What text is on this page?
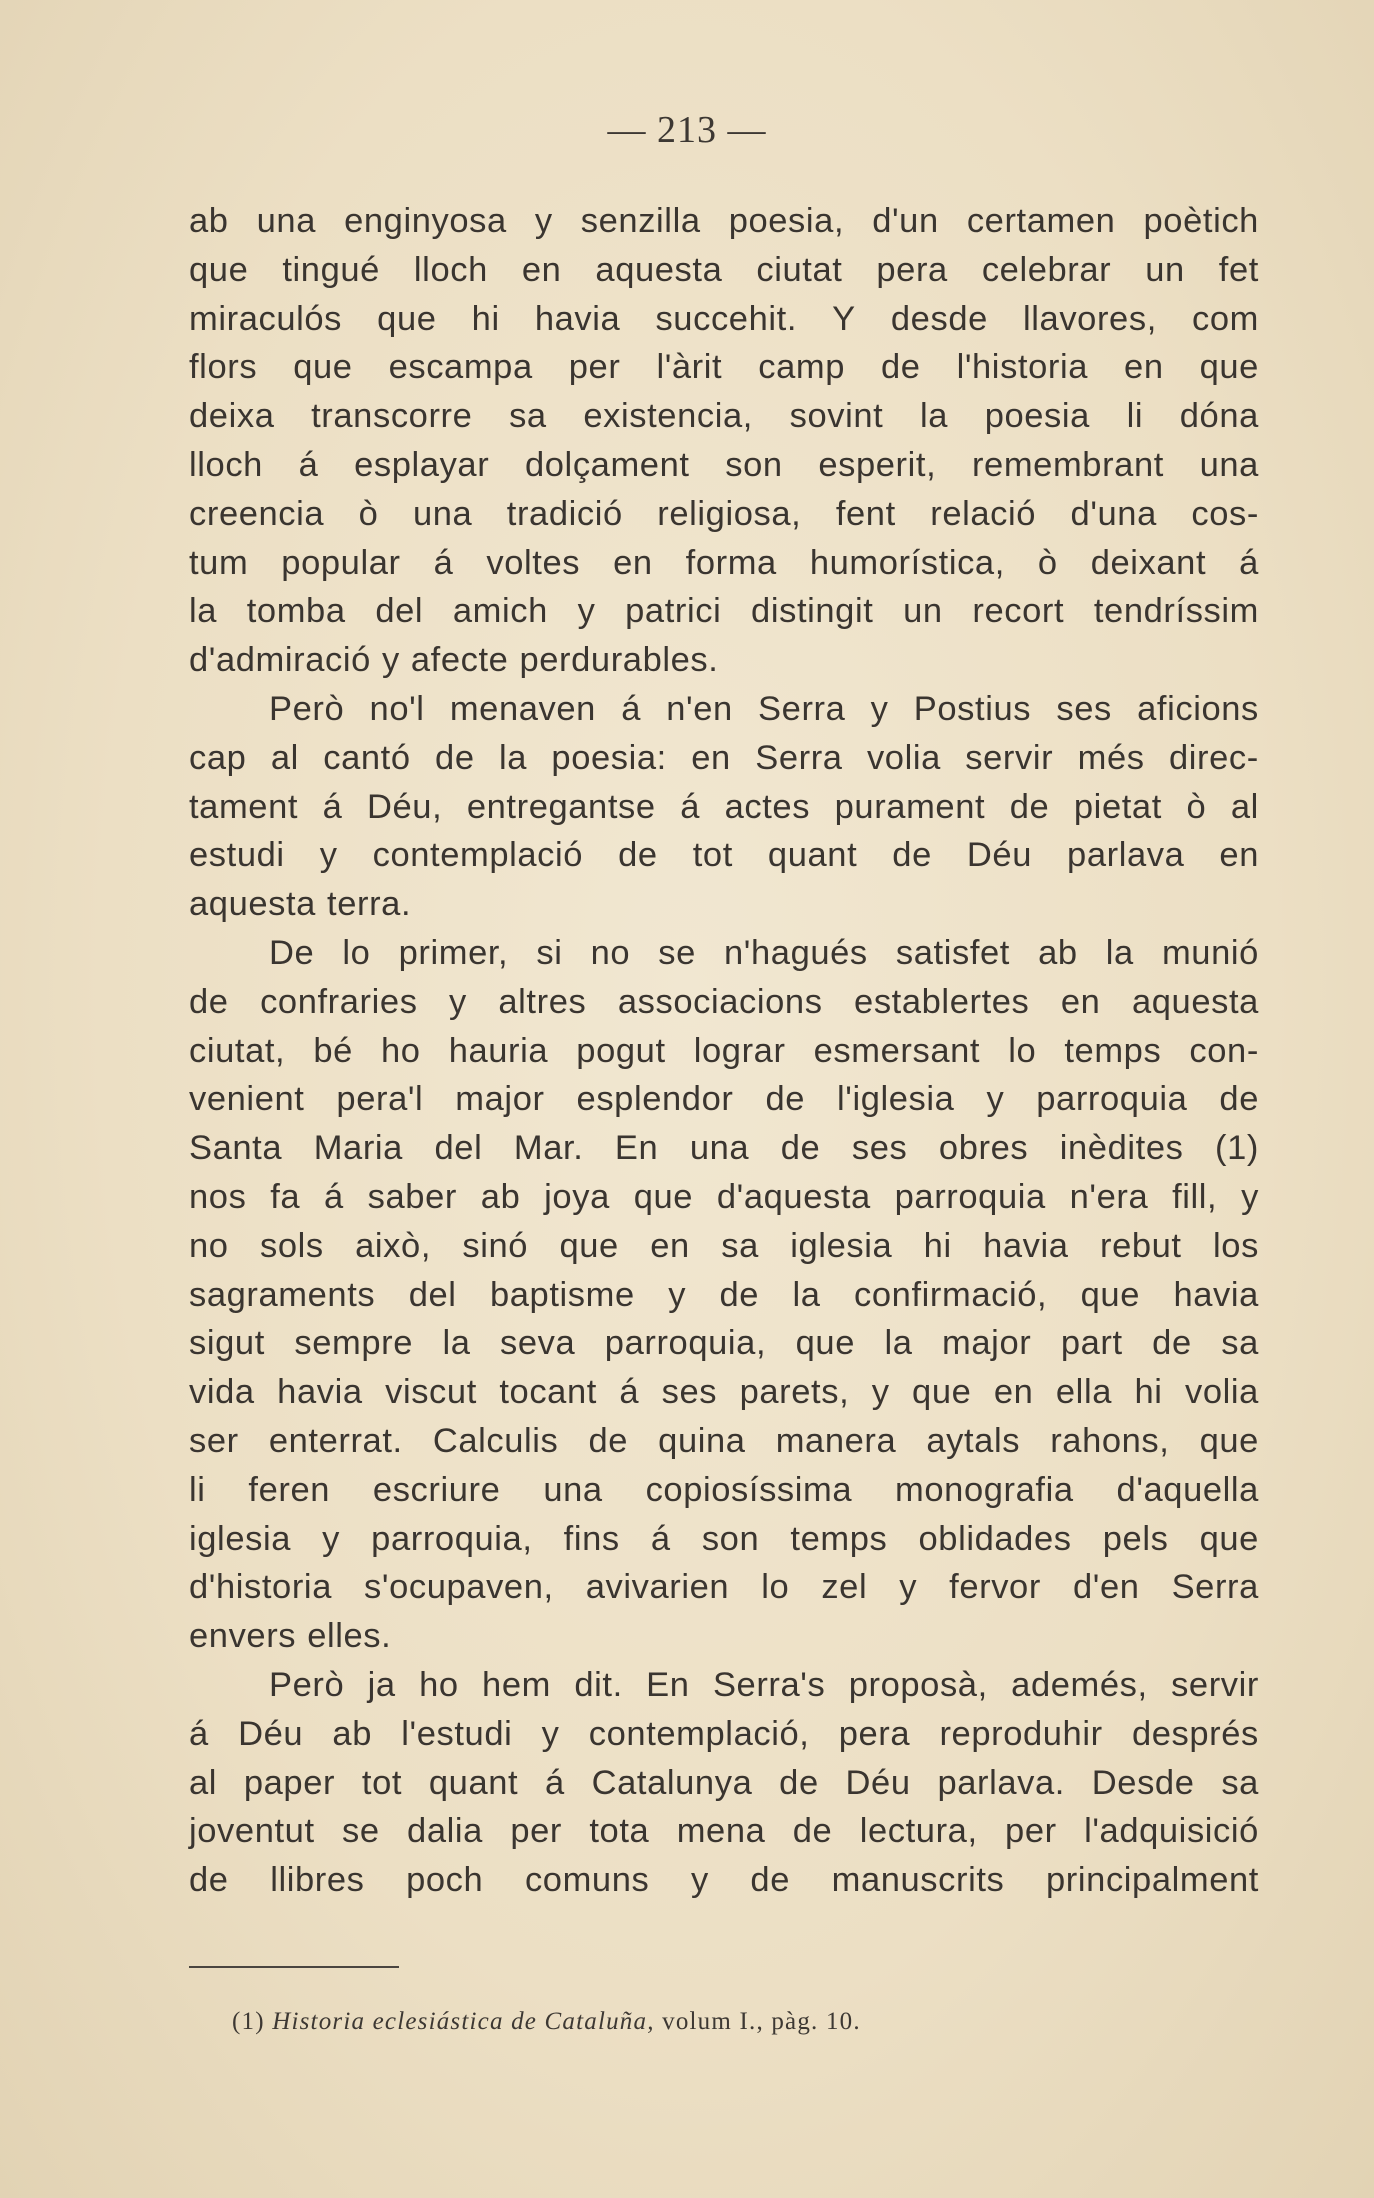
— 213 —
ab una enginyosa y senzilla poesia, d'un certamen poètich
que tingué lloch en aquesta ciutat pera celebrar un fet
miraculós que hi havia succehit. Y desde llavores, com
flors que escampa per l'àrit camp de l'historia en que
deixa transcorre sa existencia, sovint la poesia li dóna
lloch á esplayar dolçament son esperit, remembrant una
creencia ò una tradició religiosa, fent relació d'una cos-
tum popular á voltes en forma humorística, ò deixant á
la tomba del amich y patrici distingit un recort tendríssim
d'admiració y afecte perdurables.
Però no'l menaven á n'en Serra y Postius ses aficions
cap al cantó de la poesia: en Serra volia servir més direc-
tament á Déu, entregantse á actes purament de pietat ò al
estudi y contemplació de tot quant de Déu parlava en
aquesta terra.
De lo primer, si no se n'hagués satisfet ab la munió
de confraries y altres associacions establertes en aquesta
ciutat, bé ho hauria pogut lograr esmersant lo temps con-
venient pera'l major esplendor de l'iglesia y parroquia de
Santa Maria del Mar. En una de ses obres inèdites (1)
nos fa á saber ab joya que d'aquesta parroquia n'era fill, y
no sols això, sinó que en sa iglesia hi havia rebut los
sagraments del baptisme y de la confirmació, que havia
sigut sempre la seva parroquia, que la major part de sa
vida havia viscut tocant á ses parets, y que en ella hi volia
ser enterrat. Calculis de quina manera aytals rahons, que
li feren escriure una copiosíssima monografia d'aquella
iglesia y parroquia, fins á son temps oblidades pels que
d'historia s'ocupaven, avivarien lo zel y fervor d'en Serra
envers elles.
Però ja ho hem dit. En Serra's proposà, ademés, servir
á Déu ab l'estudi y contemplació, pera reproduhir després
al paper tot quant á Catalunya de Déu parlava. Desde sa
joventut se dalia per tota mena de lectura, per l'adquisició
de llibres poch comuns y de manuscrits principalment
(1) Historia eclesiástica de Cataluña, volum I., pàg. 10.
